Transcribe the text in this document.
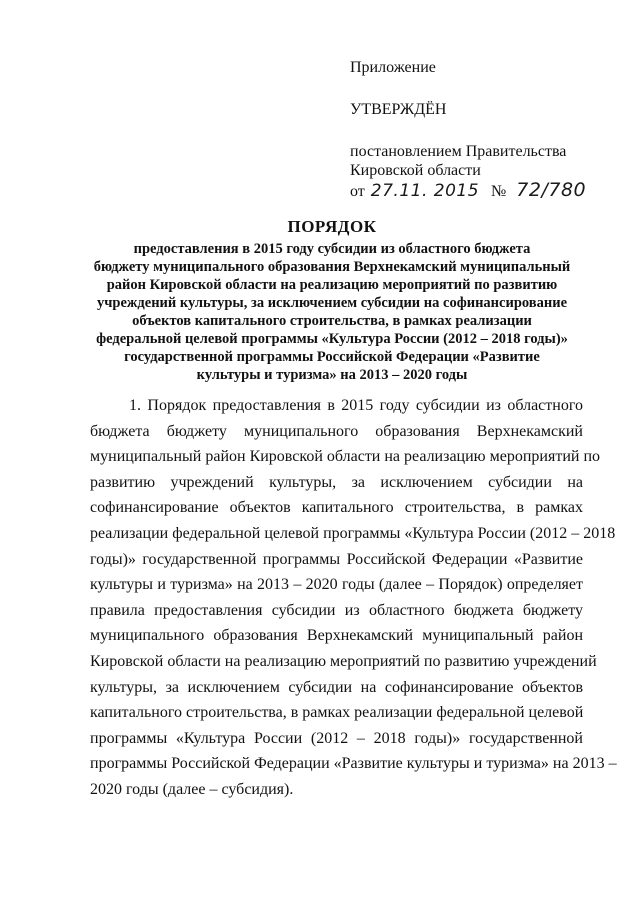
Приложение
УТВЕРЖДЁН
постановлением Правительства
Кировской области
от 27.11. 2015 № 72/780
ПОРЯДОК
предоставления в 2015 году субсидии из областного бюджета
бюджету муниципального образования Верхнекамский муниципальный
район Кировской области на реализацию мероприятий по развитию
учреждений культуры, за исключением субсидии на софинансирование
объектов капитального строительства, в рамках реализации
федеральной целевой программы «Культура России (2012 – 2018 годы)»
государственной программы Российской Федерации «Развитие
культуры и туризма» на 2013 – 2020 годы
1. Порядок предоставления в 2015 году субсидии из областного
бюджета бюджету муниципального образования Верхнекамский
муниципальный район Кировской области на реализацию мероприятий по
развитию учреждений культуры, за исключением субсидии на
софинансирование объектов капитального строительства, в рамках
реализации федеральной целевой программы «Культура России (2012 – 2018
годы)» государственной программы Российской Федерации «Развитие
культуры и туризма» на 2013 – 2020 годы (далее – Порядок) определяет
правила предоставления субсидии из областного бюджета бюджету
муниципального образования Верхнекамский муниципальный район
Кировской области на реализацию мероприятий по развитию учреждений
культуры, за исключением субсидии на софинансирование объектов
капитального строительства, в рамках реализации федеральной целевой
программы «Культура России (2012 – 2018 годы)» государственной
программы Российской Федерации «Развитие культуры и туризма» на 2013 –
2020 годы (далее – субсидия).
